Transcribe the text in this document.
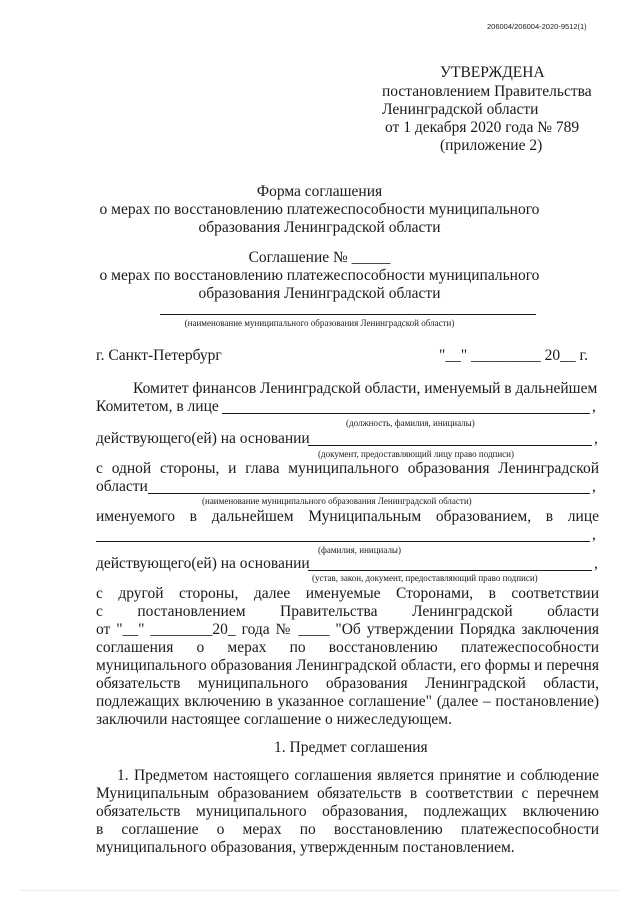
206004/206004-2020-9512(1)
УТВЕРЖДЕНА
постановлением Правительства
Ленинградской области
от 1 декабря 2020 года № 789
(приложение 2)
Форма соглашения
о мерах по восстановлению платежеспособности муниципального
образования Ленинградской области
Соглашение № _____
о мерах по восстановлению платежеспособности муниципального
образования Ленинградской области
(наименование муниципального образования Ленинградской области)
г. Санкт-Петербург	"__" _________ 20__ г.
Комитет финансов Ленинградской области, именуемый в дальнейшем
Комитетом, в лице	,
(должность, фамилия, инициалы)
действующего(ей) на основании	,
(документ, предоставляющий лицу право подписи)
с одной стороны, и глава муниципального образования Ленинградской
области	,
(наименование муниципального образования Ленинградской области)
именуемого в дальнейшем Муниципальным образованием, в лице
,
(фамилия, инициалы)
действующего(ей) на основании	,
(устав, закон, документ, предоставляющий право подписи)
с другой стороны, далее именуемые Сторонами, в соответствии
с постановлением Правительства Ленинградской области
от "__" ________20_ года № ____ "Об утверждении Порядка заключения
соглашения о мерах по восстановлению платежеспособности
муниципального образования Ленинградской области, его формы и перечня
обязательств муниципального образования Ленинградской области,
подлежащих включению в указанное соглашение" (далее – постановление)
заключили настоящее соглашение о нижеследующем.
1. Предмет соглашения
1. Предметом настоящего соглашения является принятие и соблюдение
Муниципальным образованием обязательств в соответствии с перечнем
обязательств муниципального образования, подлежащих включению
в соглашение о мерах по восстановлению платежеспособности
муниципального образования, утвержденным постановлением.
